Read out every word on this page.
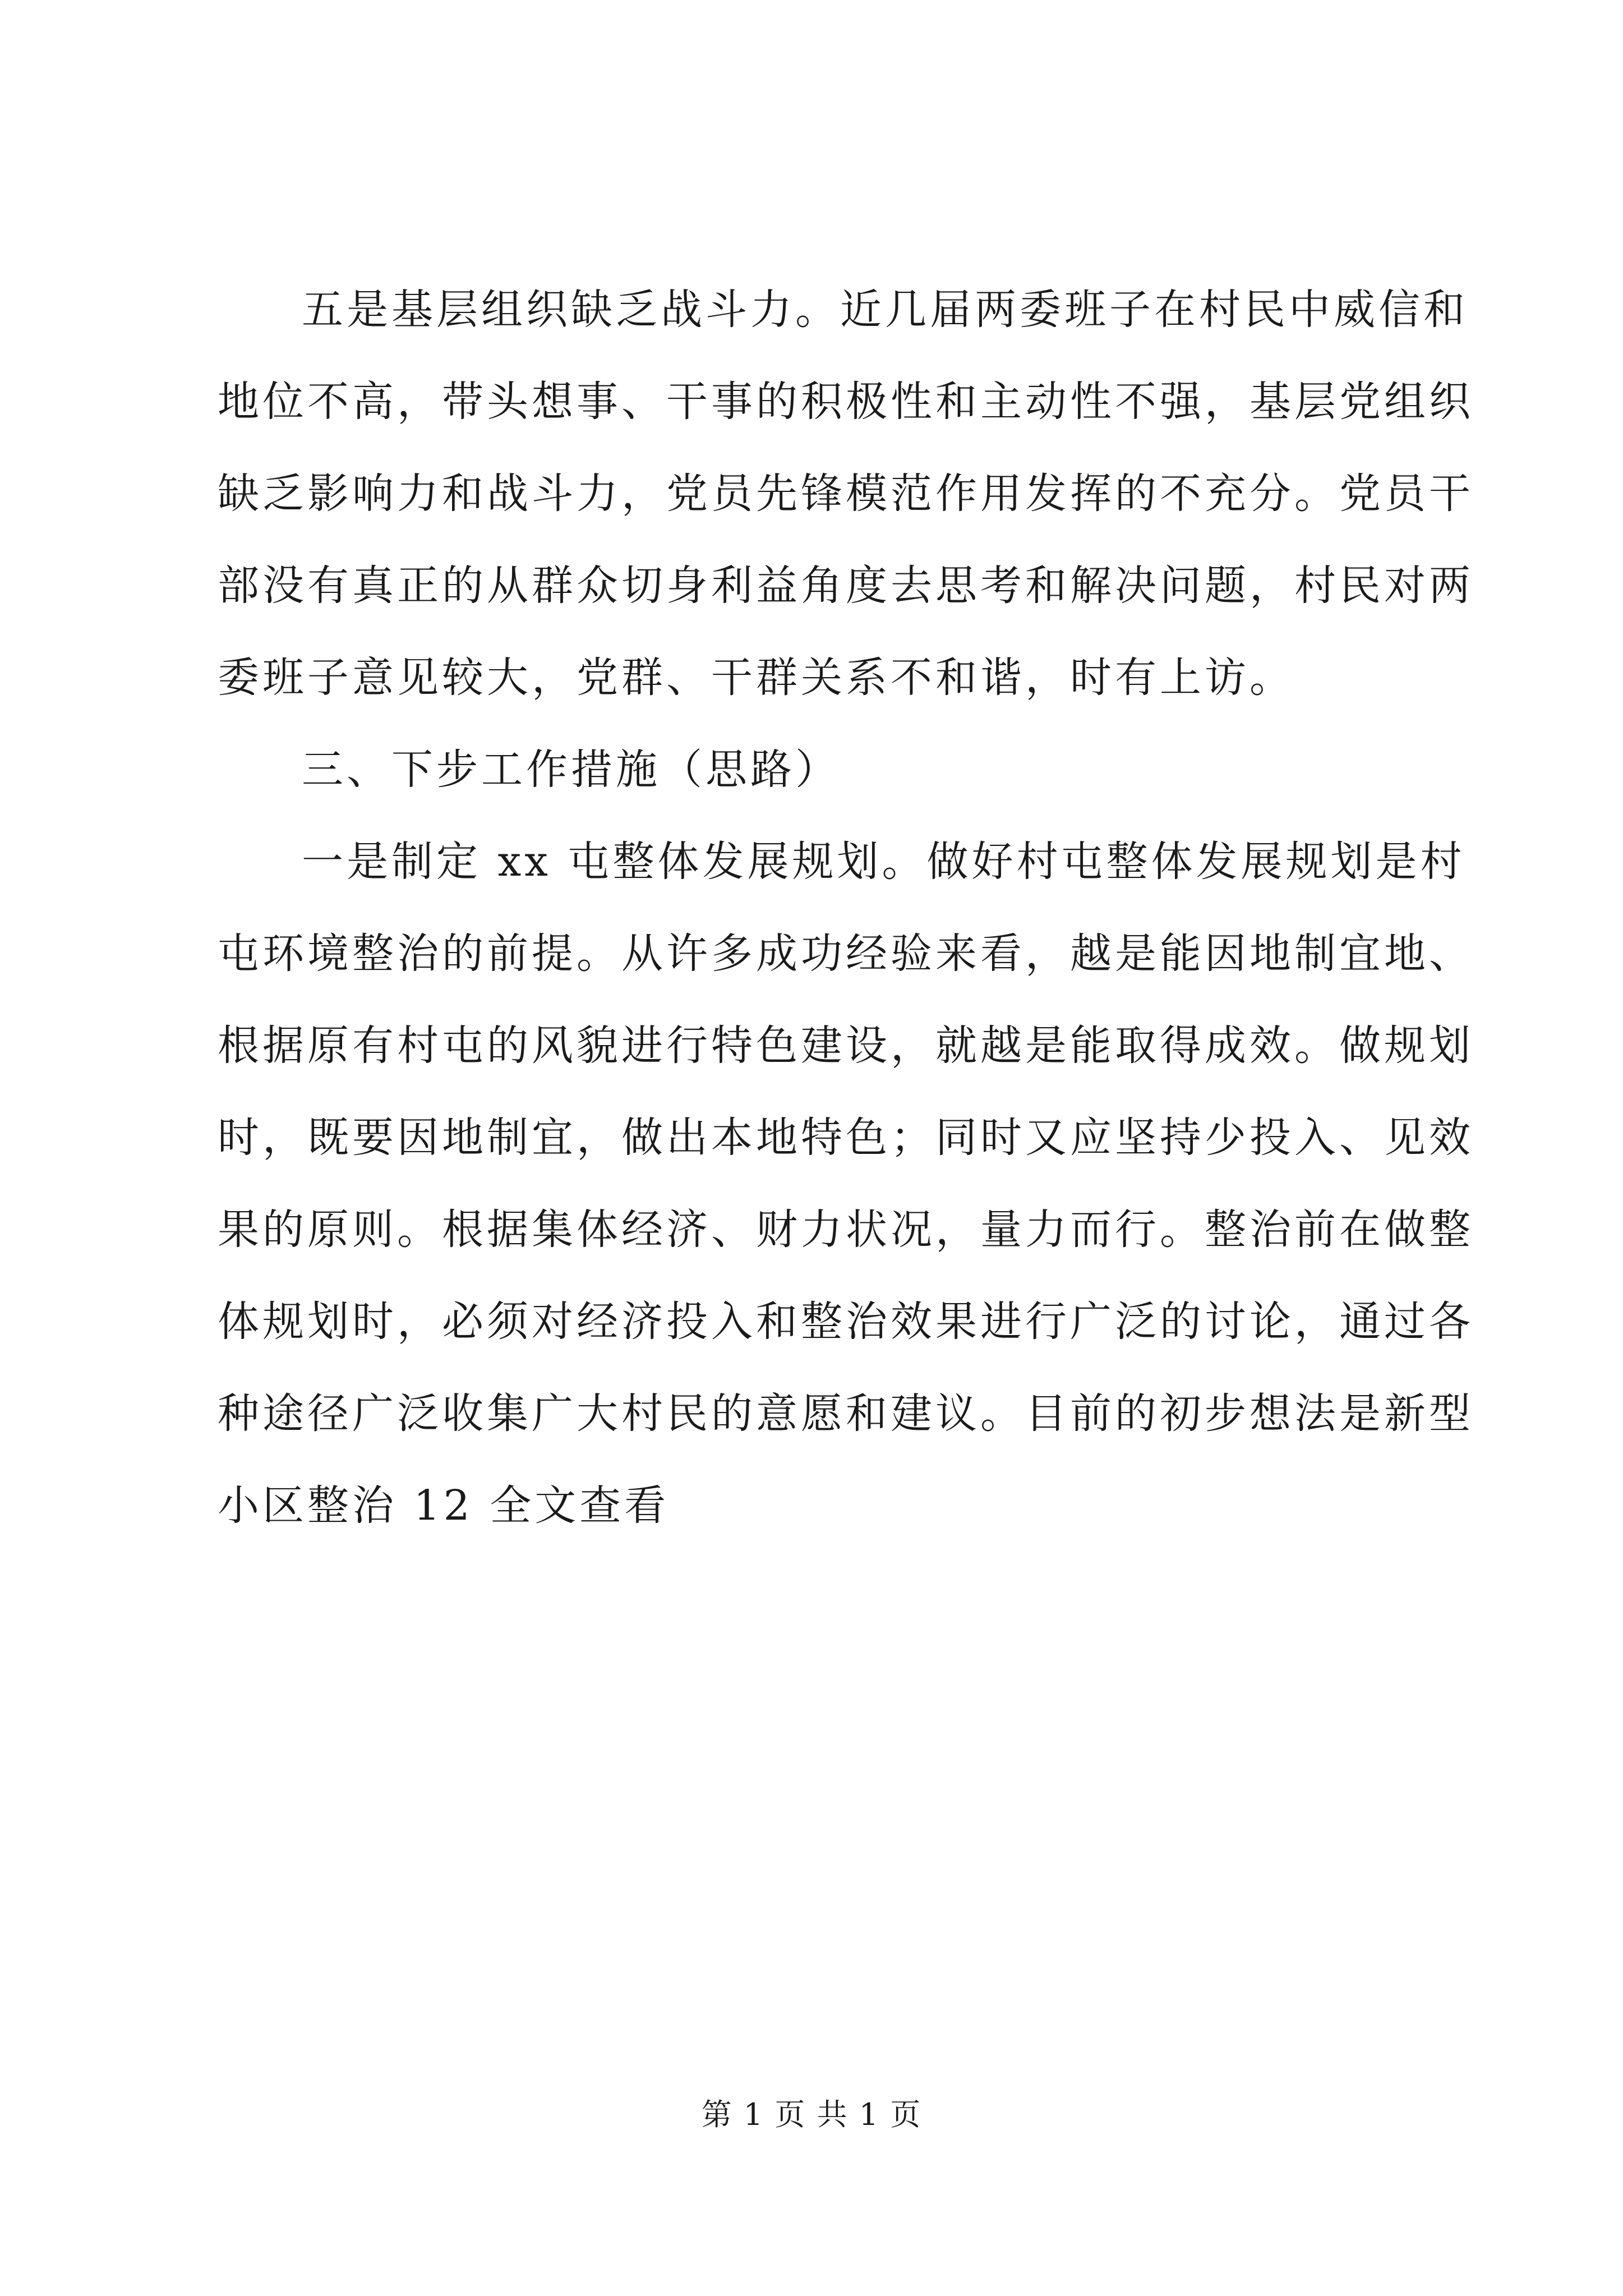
五是基层组织缺乏战斗力。近几届两委班子在村民中威信和
地位不高，带头想事、干事的积极性和主动性不强，基层党组织
缺乏影响力和战斗力，党员先锋模范作用发挥的不充分。党员干
部没有真正的从群众切身利益角度去思考和解决问题，村民对两
委班子意见较大，党群、干群关系不和谐，时有上访。
三、下步工作措施（思路）
一是制定 xx 屯整体发展规划。做好村屯整体发展规划是村
屯环境整治的前提。从许多成功经验来看，越是能因地制宜地、
根据原有村屯的风貌进行特色建设，就越是能取得成效。做规划
时，既要因地制宜，做出本地特色；同时又应坚持少投入、见效
果的原则。根据集体经济、财力状况，量力而行。整治前在做整
体规划时，必须对经济投入和整治效果进行广泛的讨论，通过各
种途径广泛收集广大村民的意愿和建议。目前的初步想法是新型
小区整治 12 全文查看
第 1 页 共 1 页
